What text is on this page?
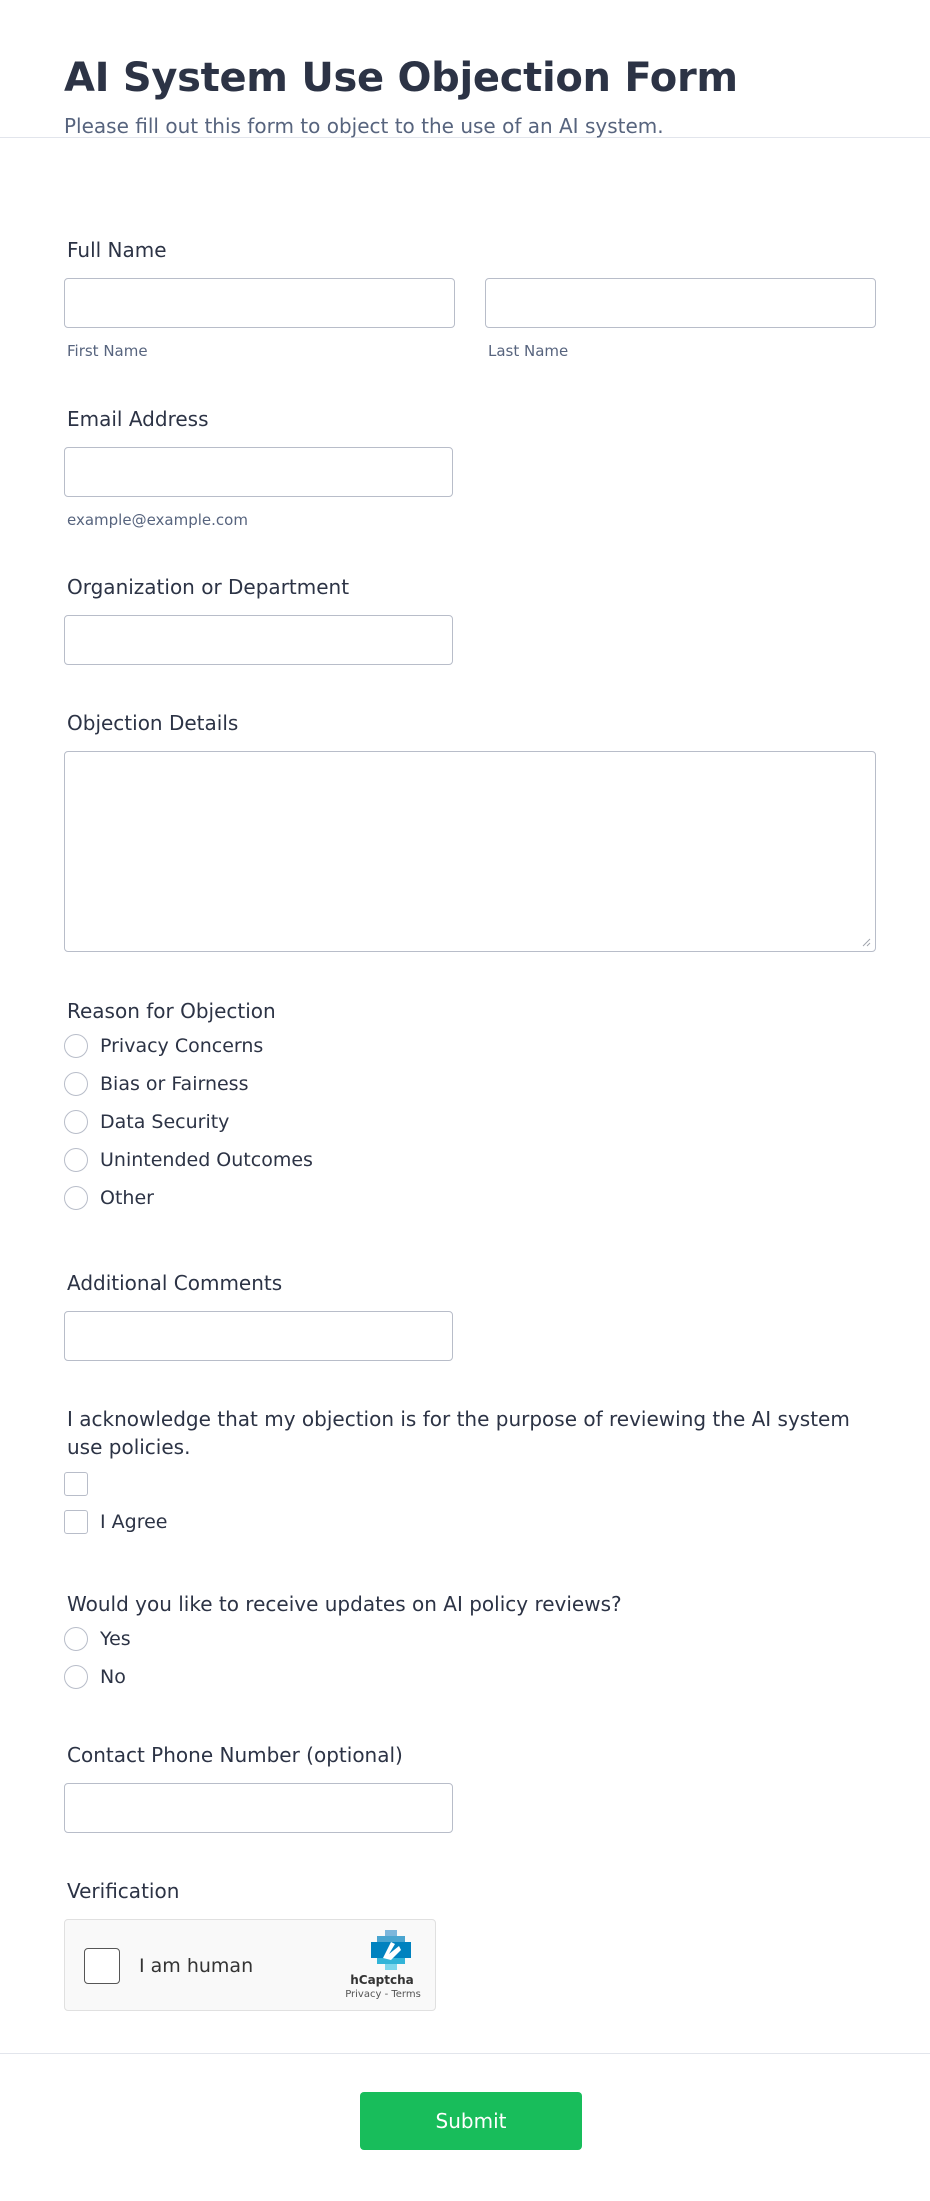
AI System Use Objection Form
Please fill out this form to object to the use of an AI system.
Full Name
First Name	Last Name
Email Address
example@example.com
Organization or Department
Objection Details
Reason for Objection
Privacy Concerns
Bias or Fairness
Data Security
Unintended Outcomes
Other
Additional Comments
I acknowledge that my objection is for the purpose of reviewing the AI system use policies.
I Agree
Would you like to receive updates on AI policy reviews?
Yes
No
Contact Phone Number (optional)
Verification
I am human
hCaptcha
Privacy - Terms
Submit
